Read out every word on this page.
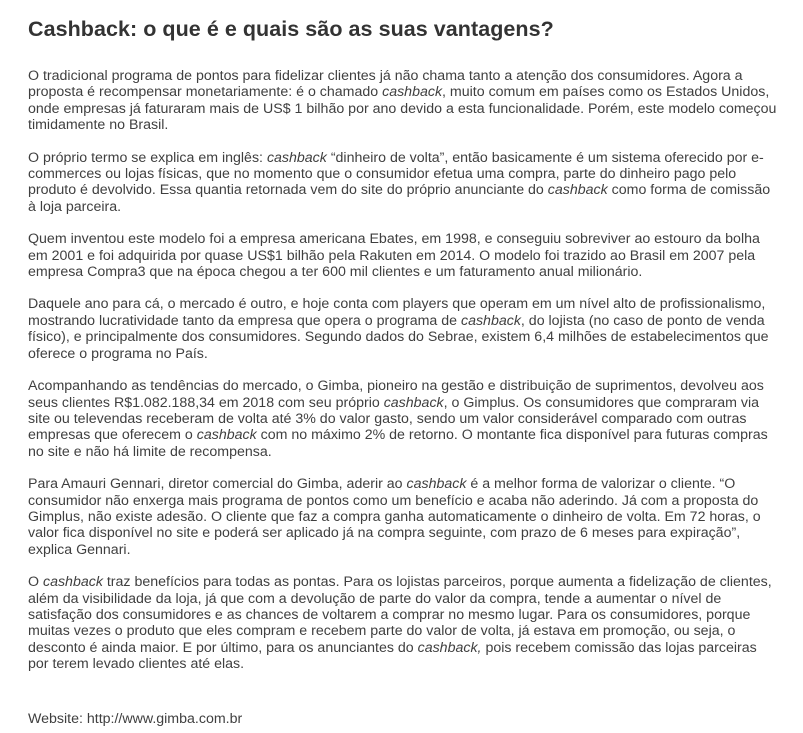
Cashback: o que é e quais são as suas vantagens?

O tradicional programa de pontos para fidelizar clientes já não chama tanto a atenção dos consumidores. Agora a proposta é recompensar monetariamente: é o chamado cashback, muito comum em países como os Estados Unidos, onde empresas já faturaram mais de US$ 1 bilhão por ano devido a esta funcionalidade. Porém, este modelo começou timidamente no Brasil.

O próprio termo se explica em inglês: cashback “dinheiro de volta”, então basicamente é um sistema oferecido por e-commerces ou lojas físicas, que no momento que o consumidor efetua uma compra, parte do dinheiro pago pelo produto é devolvido. Essa quantia retornada vem do site do próprio anunciante do cashback como forma de comissão à loja parceira.

Quem inventou este modelo foi a empresa americana Ebates, em 1998, e conseguiu sobreviver ao estouro da bolha em 2001 e foi adquirida por quase US$1 bilhão pela Rakuten em 2014. O modelo foi trazido ao Brasil em 2007 pela empresa Compra3 que na época chegou a ter 600 mil clientes e um faturamento anual milionário.

Daquele ano para cá, o mercado é outro, e hoje conta com players que operam em um nível alto de profissionalismo, mostrando lucratividade tanto da empresa que opera o programa de cashback, do lojista (no caso de ponto de venda físico), e principalmente dos consumidores. Segundo dados do Sebrae, existem 6,4 milhões de estabelecimentos que oferece o programa no País.

Acompanhando as tendências do mercado, o Gimba, pioneiro na gestão e distribuição de suprimentos, devolveu aos seus clientes R$1.082.188,34 em 2018 com seu próprio cashback, o Gimplus. Os consumidores que compraram via site ou televendas receberam de volta até 3% do valor gasto, sendo um valor considerável comparado com outras empresas que oferecem o cashback com no máximo 2% de retorno. O montante fica disponível para futuras compras no site e não há limite de recompensa.

Para Amauri Gennari, diretor comercial do Gimba, aderir ao cashback é a melhor forma de valorizar o cliente. “O consumidor não enxerga mais programa de pontos como um benefício e acaba não aderindo. Já com a proposta do Gimplus, não existe adesão. O cliente que faz a compra ganha automaticamente o dinheiro de volta. Em 72 horas, o valor fica disponível no site e poderá ser aplicado já na compra seguinte, com prazo de 6 meses para expiração”, explica Gennari.

O cashback traz benefícios para todas as pontas. Para os lojistas parceiros, porque aumenta a fidelização de clientes, além da visibilidade da loja, já que com a devolução de parte do valor da compra, tende a aumentar o nível de satisfação dos consumidores e as chances de voltarem a comprar no mesmo lugar. Para os consumidores, porque muitas vezes o produto que eles compram e recebem parte do valor de volta, já estava em promoção, ou seja, o desconto é ainda maior. E por último, para os anunciantes do cashback, pois recebem comissão das lojas parceiras por terem levado clientes até elas.

Website: http://www.gimba.com.br
